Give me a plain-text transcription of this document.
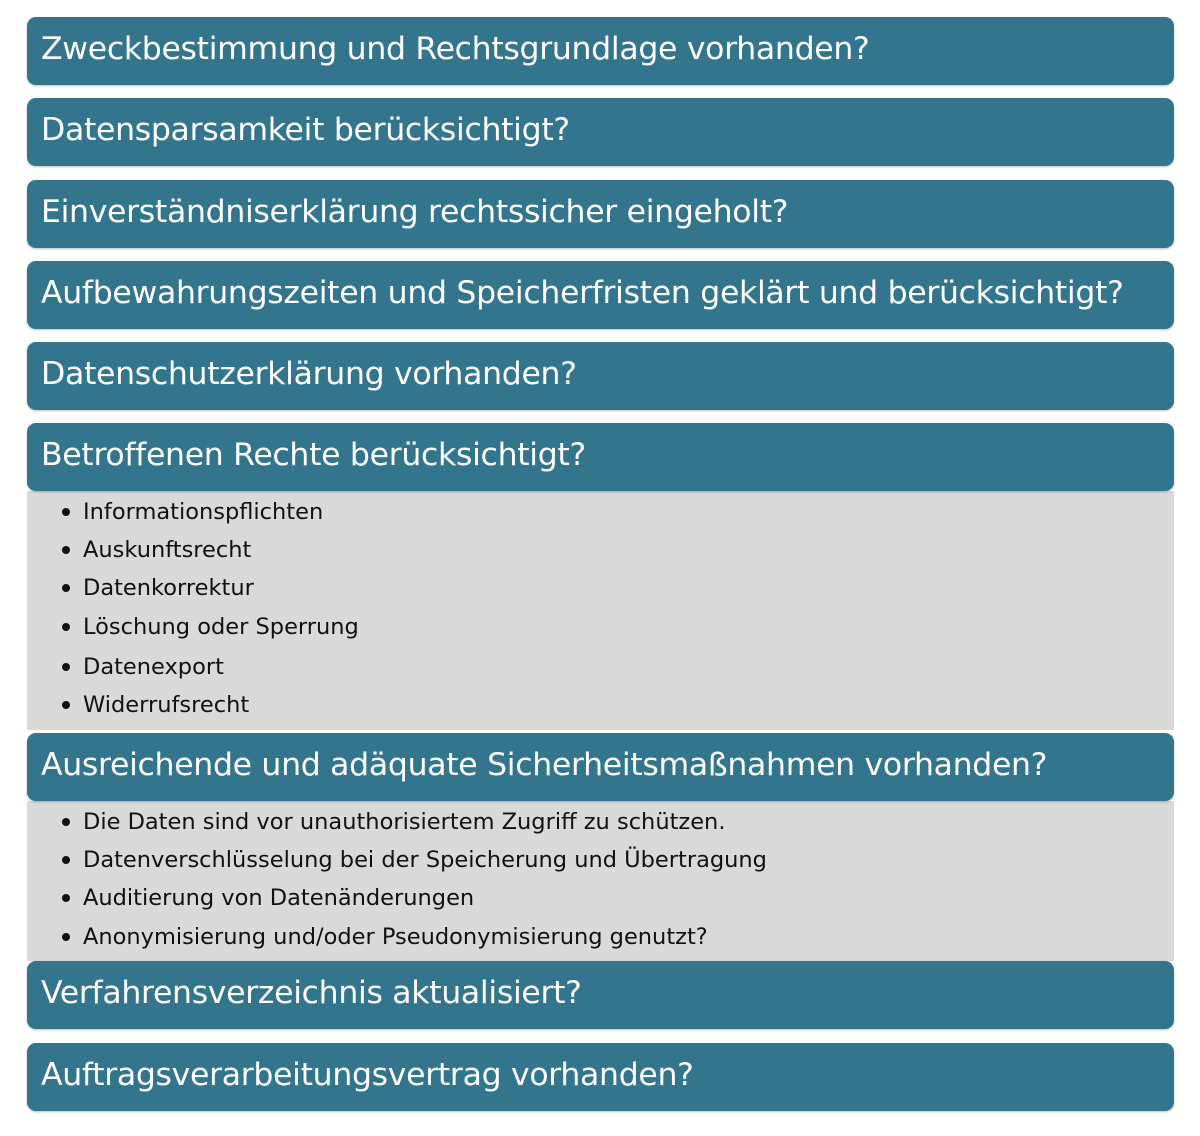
Zweckbestimmung und Rechtsgrundlage vorhanden?
Datensparsamkeit berücksichtigt?
Einverständniserklärung rechtssicher eingeholt?
Aufbewahrungszeiten und Speicherfristen geklärt und berücksichtigt?
Datenschutzerklärung vorhanden?
Betroffenen Rechte berücksichtigt?
Informationspflichten
Auskunftsrecht
Datenkorrektur
Löschung oder Sperrung
Datenexport
Widerrufsrecht
Ausreichende und adäquate Sicherheitsmaßnahmen vorhanden?
Die Daten sind vor unauthorisiertem Zugriff zu schützen.
Datenverschlüsselung bei der Speicherung und Übertragung
Auditierung von Datenänderungen
Anonymisierung und/oder Pseudonymisierung genutzt?
Verfahrensverzeichnis aktualisiert?
Auftragsverarbeitungsvertrag vorhanden?
